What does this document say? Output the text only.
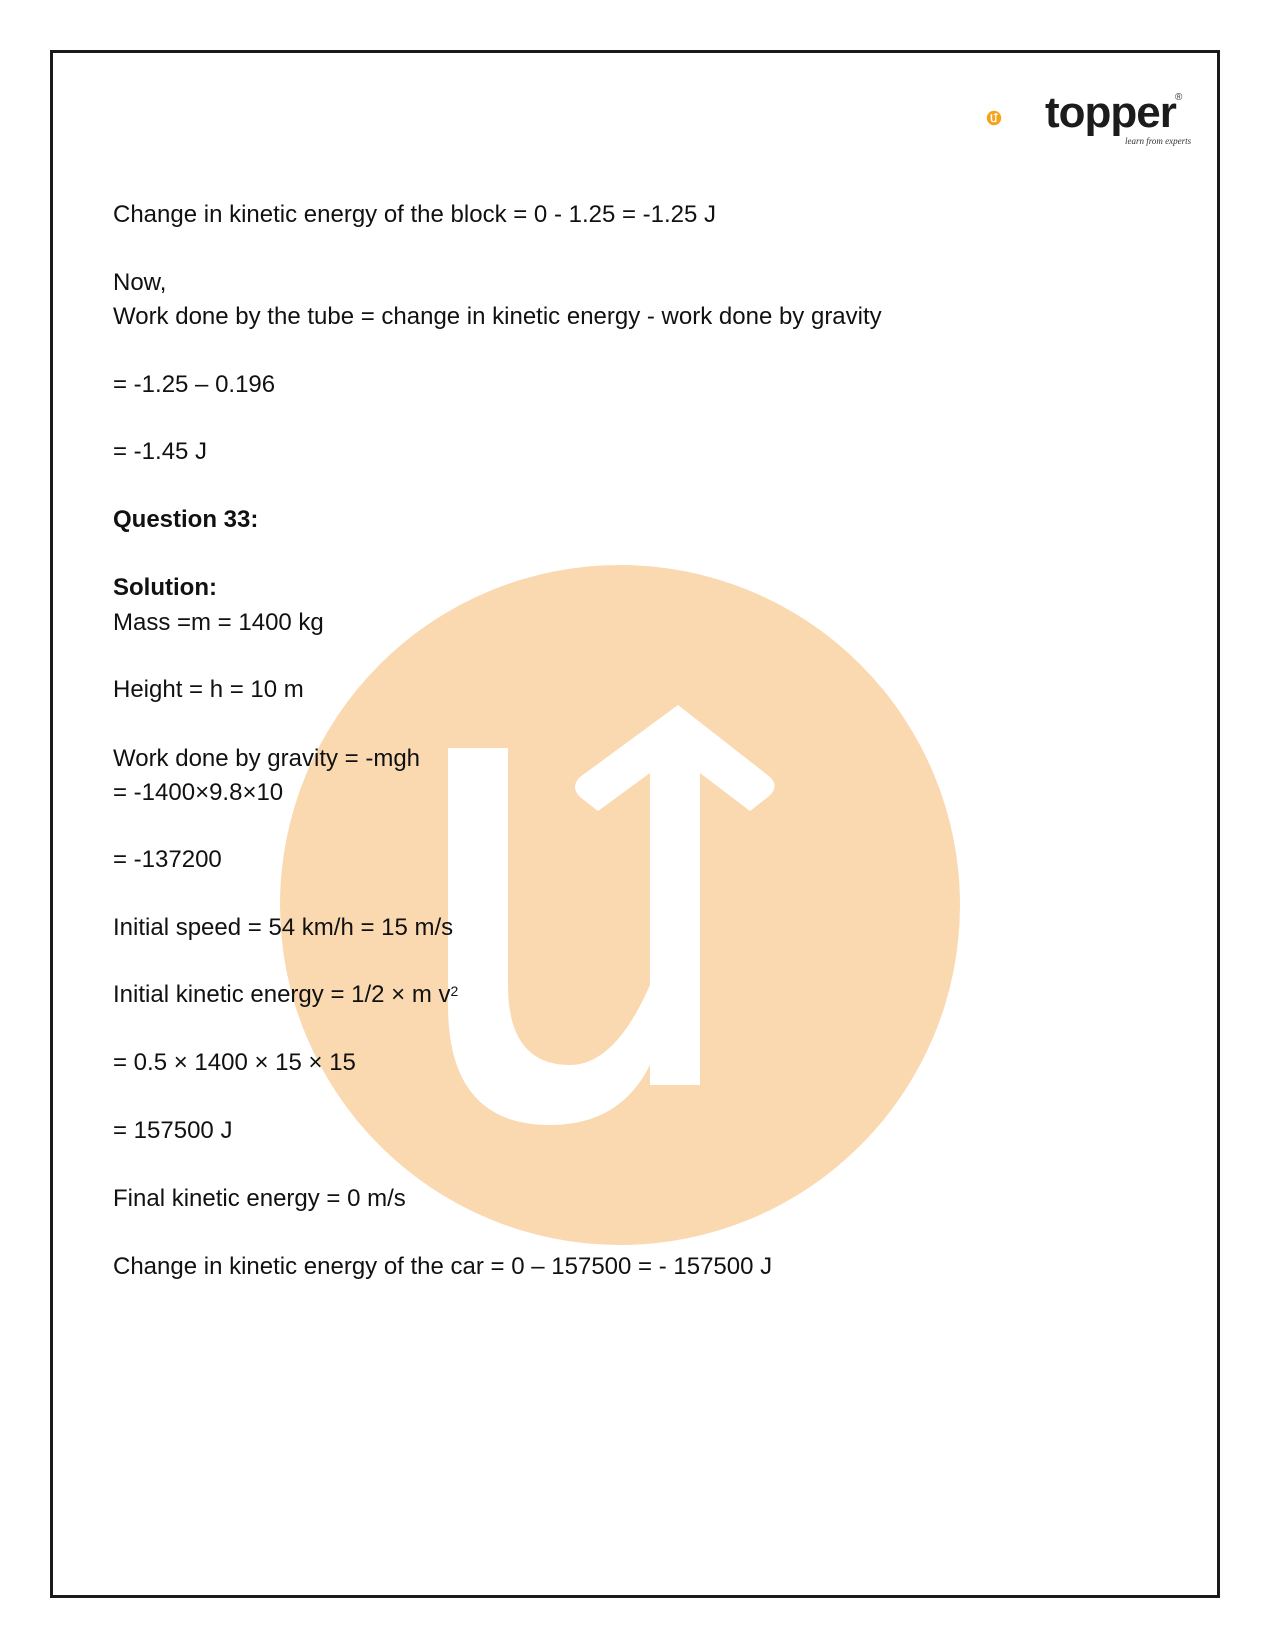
topper ®
learn from experts
Change in kinetic energy of the block = 0 - 1.25 = -1.25 J
Now,
Work done by the tube = change in kinetic energy - work done by gravity
= -1.25 – 0.196
= -1.45 J
Question 33:
Solution:
Mass =m = 1400 kg
Height = h = 10 m
Work done by gravity = -mgh
= -1400×9.8×10
= -137200
Initial speed = 54 km/h = 15 m/s
Initial kinetic energy = 1/2 × m $v^2$
= 0.5 × 1400 × 15 × 15
= 157500 J
Final kinetic energy = 0 m/s
Change in kinetic energy of the car = 0 – 157500 = - 157500 J
